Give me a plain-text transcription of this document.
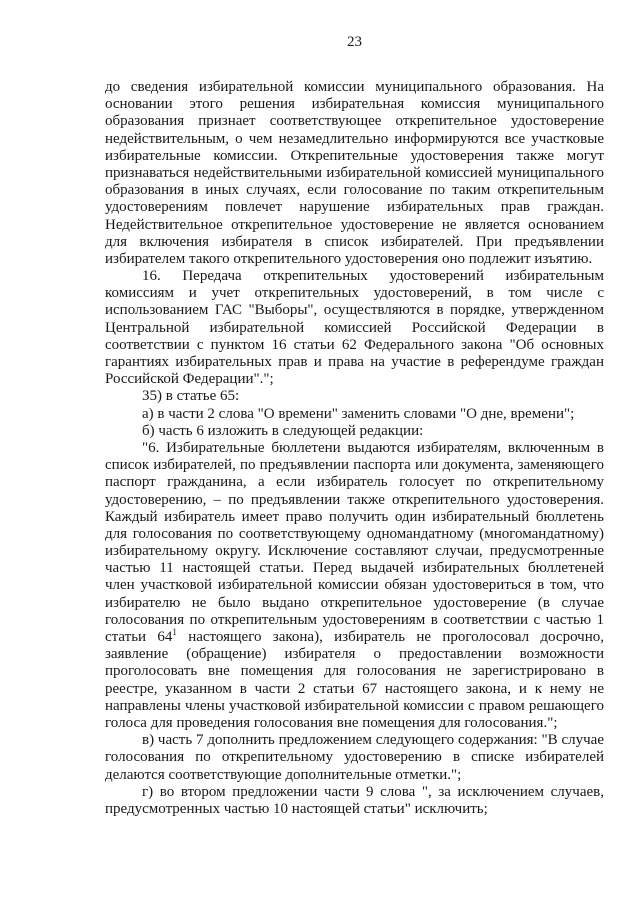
23
до сведения избирательной комиссии муниципального образования. На
основании этого решения избирательная комиссия муниципального
образования признает соответствующее открепительное удостоверение
недействительным, о чем незамедлительно информируются все участковые
избирательные комиссии. Открепительные удостоверения также могут
признаваться недействительными избирательной комиссией муниципального
образования в иных случаях, если голосование по таким открепительным
удостоверениям повлечет нарушение избирательных прав граждан.
Недействительное открепительное удостоверение не является основанием
для включения избирателя в список избирателей. При предъявлении
избирателем такого открепительного удостоверения оно подлежит изъятию.
16. Передача открепительных удостоверений избирательным
комиссиям и учет открепительных удостоверений, в том числе с
использованием ГАС "Выборы", осуществляются в порядке, утвержденном
Центральной избирательной комиссией Российской Федерации в
соответствии с пунктом 16 статьи 62 Федерального закона "Об основных
гарантиях избирательных прав и права на участие в референдуме граждан
Российской Федерации".";
35) в статье 65:
а) в части 2 слова "О времени" заменить словами "О дне, времени";
б) часть 6 изложить в следующей редакции:
"6. Избирательные бюллетени выдаются избирателям, включенным в
список избирателей, по предъявлении паспорта или документа, заменяющего
паспорт гражданина, а если избиратель голосует по открепительному
удостоверению, – по предъявлении также открепительного удостоверения.
Каждый избиратель имеет право получить один избирательный бюллетень
для голосования по соответствующему одномандатному (многомандатному)
избирательному округу. Исключение составляют случаи, предусмотренные
частью 11 настоящей статьи. Перед выдачей избирательных бюллетеней
член участковой избирательной комиссии обязан удостовериться в том, что
избирателю не было выдано открепительное удостоверение (в случае
голосования по открепительным удостоверениям в соответствии с частью 1
статьи $64^1$ настоящего закона), избиратель не проголосовал досрочно,
заявление (обращение) избирателя о предоставлении возможности
проголосовать вне помещения для голосования не зарегистрировано в
реестре, указанном в части 2 статьи 67 настоящего закона, и к нему не
направлены члены участковой избирательной комиссии с правом решающего
голоса для проведения голосования вне помещения для голосования.";
в) часть 7 дополнить предложением следующего содержания: "В случае
голосования по открепительному удостоверению в списке избирателей
делаются соответствующие дополнительные отметки.";
г) во втором предложении части 9 слова ", за исключением случаев,
предусмотренных частью 10 настоящей статьи" исключить;
